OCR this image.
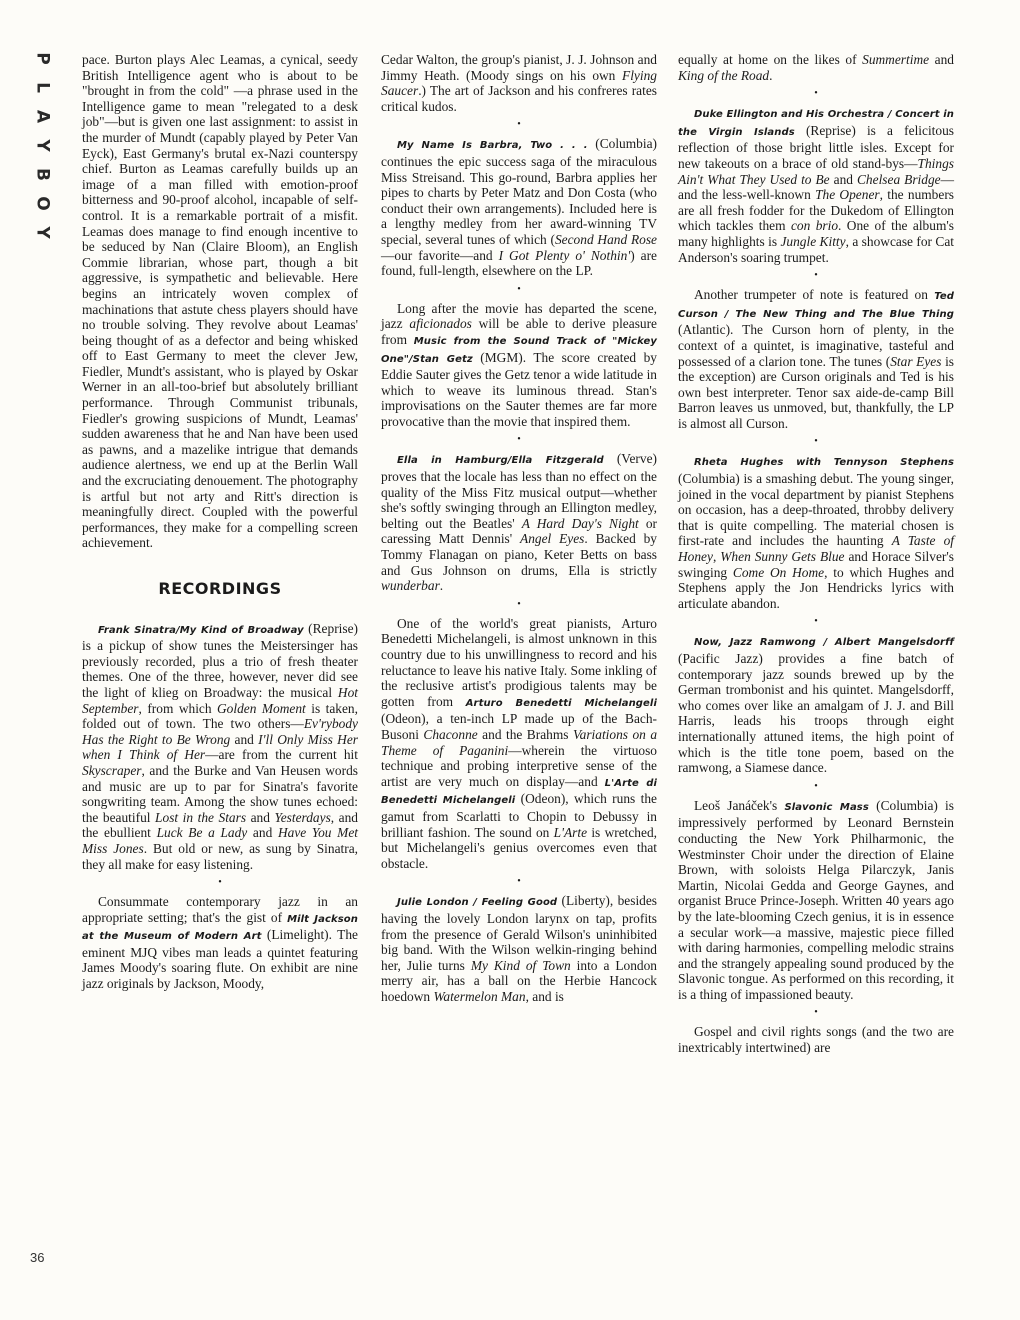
P
L
A
Y
B
O
Y
36

pace. Burton plays Alec Leamas, a cynical, seedy British Intelligence agent who is about to be "brought in from the cold" —a phrase used in the Intelligence game to mean "relegated to a desk job"—but is given one last assignment: to assist in the murder of Mundt (capably played by Peter Van Eyck), East Germany's brutal ex-Nazi counterspy chief. Burton as Leamas carefully builds up an image of a man filled with emotion-proof bitterness and 90-proof alcohol, incapable of self-control. It is a remarkable portrait of a misfit. Leamas does manage to find enough incentive to be seduced by Nan (Claire Bloom), an English Commie librarian, whose part, though a bit aggressive, is sympathetic and believable. Here begins an intricately woven complex of machinations that astute chess players should have no trouble solving. They revolve about Leamas' being thought of as a defector and being whisked off to East Germany to meet the clever Jew, Fiedler, Mundt's assistant, who is played by Oskar Werner in an all-too-brief but absolutely brilliant performance. Through Communist tribunals, Fiedler's growing suspicions of Mundt, Leamas' sudden awareness that he and Nan have been used as pawns, and a mazelike intrigue that demands audience alertness, we end up at the Berlin Wall and the excruciating denouement. The photography is artful but not arty and Ritt's direction is meaningfully direct. Coupled with the powerful performances, they make for a compelling screen achievement.

RECORDINGS

Frank Sinatra/My Kind of Broadway (Reprise) is a pickup of show tunes the Meistersinger has previously recorded, plus a trio of fresh theater themes. One of the three, however, never did see the light of klieg on Broadway: the musical Hot September, from which Golden Moment is taken, folded out of town. The two others—Ev'rybody Has the Right to Be Wrong and I'll Only Miss Her when I Think of Her—are from the current hit Skyscraper, and the Burke and Van Heusen words and music are up to par for Sinatra's favorite songwriting team. Among the show tunes echoed: the beautiful Lost in the Stars and Yesterdays, and the ebullient Luck Be a Lady and Have You Met Miss Jones. But old or new, as sung by Sinatra, they all make for easy listening.

•

Consummate contemporary jazz in an appropriate setting; that's the gist of Milt Jackson at the Museum of Modern Art (Limelight). The eminent MJQ vibes man leads a quintet featuring James Moody's soaring flute. On exhibit are nine jazz originals by Jackson, Moody,

Cedar Walton, the group's pianist, J. J. Johnson and Jimmy Heath. (Moody sings on his own Flying Saucer.) The art of Jackson and his confreres rates critical kudos.

•

My Name Is Barbra, Two . . . (Columbia) continues the epic success saga of the miraculous Miss Streisand. This go-round, Barbra applies her pipes to charts by Peter Matz and Don Costa (who conduct their own arrangements). Included here is a lengthy medley from her award-winning TV special, several tunes of which (Second Hand Rose—our favorite—and I Got Plenty o' Nothin') are found, full-length, elsewhere on the LP.

•

Long after the movie has departed the scene, jazz aficionados will be able to derive pleasure from Music from the Sound Track of "Mickey One"/Stan Getz (MGM). The score created by Eddie Sauter gives the Getz tenor a wide latitude in which to weave its luminous thread. Stan's improvisations on the Sauter themes are far more provocative than the movie that inspired them.

•

Ella in Hamburg/Ella Fitzgerald (Verve) proves that the locale has less than no effect on the quality of the Miss Fitz musical output—whether she's softly swinging through an Ellington medley, belting out the Beatles' A Hard Day's Night or caressing Matt Dennis' Angel Eyes. Backed by Tommy Flanagan on piano, Keter Betts on bass and Gus Johnson on drums, Ella is strictly wunderbar.

•

One of the world's great pianists, Arturo Benedetti Michelangeli, is almost unknown in this country due to his unwillingness to record and his reluctance to leave his native Italy. Some inkling of the reclusive artist's prodigious talents may be gotten from Arturo Benedetti Michelangeli (Odeon), a ten-inch LP made up of the Bach-Busoni Chaconne and the Brahms Variations on a Theme of Paganini—wherein the virtuoso technique and probing interpretive sense of the artist are very much on display—and L'Arte di Benedetti Michelangeli (Odeon), which runs the gamut from Scarlatti to Chopin to Debussy in brilliant fashion. The sound on L'Arte is wretched, but Michelangeli's genius overcomes even that obstacle.

•

Julie London / Feeling Good (Liberty), besides having the lovely London larynx on tap, profits from the presence of Gerald Wilson's uninhibited big band. With the Wilson welkin-ringing behind her, Julie turns My Kind of Town into a London merry air, has a ball on the Herbie Hancock hoedown Watermelon Man, and is

equally at home on the likes of Summertime and King of the Road.

•

Duke Ellington and His Orchestra / Concert in the Virgin Islands (Reprise) is a felicitous reflection of those bright little isles. Except for new takeouts on a brace of old stand-bys—Things Ain't What They Used to Be and Chelsea Bridge—and the less-well-known The Opener, the numbers are all fresh fodder for the Dukedom of Ellington which tackles them con brio. One of the album's many highlights is Jungle Kitty, a showcase for Cat Anderson's soaring trumpet.

•

Another trumpeter of note is featured on Ted Curson / The New Thing and The Blue Thing (Atlantic). The Curson horn of plenty, in the context of a quintet, is imaginative, tasteful and possessed of a clarion tone. The tunes (Star Eyes is the exception) are Curson originals and Ted is his own best interpreter. Tenor sax aide-de-camp Bill Barron leaves us unmoved, but, thankfully, the LP is almost all Curson.

•

Rheta Hughes with Tennyson Stephens (Columbia) is a smashing debut. The young singer, joined in the vocal department by pianist Stephens on occasion, has a deep-throated, throbby delivery that is quite compelling. The material chosen is first-rate and includes the haunting A Taste of Honey, When Sunny Gets Blue and Horace Silver's swinging Come On Home, to which Hughes and Stephens apply the Jon Hendricks lyrics with articulate abandon.

•

Now, Jazz Ramwong / Albert Mangelsdorff (Pacific Jazz) provides a fine batch of contemporary jazz sounds brewed up by the German trombonist and his quintet. Mangelsdorff, who comes over like an amalgam of J. J. and Bill Harris, leads his troops through eight internationally attuned items, the high point of which is the title tone poem, based on the ramwong, a Siamese dance.

•

Leoš Janáček's Slavonic Mass (Columbia) is impressively performed by Leonard Bernstein conducting the New York Philharmonic, the Westminster Choir under the direction of Elaine Brown, with soloists Helga Pilarczyk, Janis Martin, Nicolai Gedda and George Gaynes, and organist Bruce Prince-Joseph. Written 40 years ago by the late-blooming Czech genius, it is in essence a secular work—a massive, majestic piece filled with daring harmonies, compelling melodic strains and the strangely appealing sound produced by the Slavonic tongue. As performed on this recording, it is a thing of impassioned beauty.

•

Gospel and civil rights songs (and the two are inextricably intertwined) are
